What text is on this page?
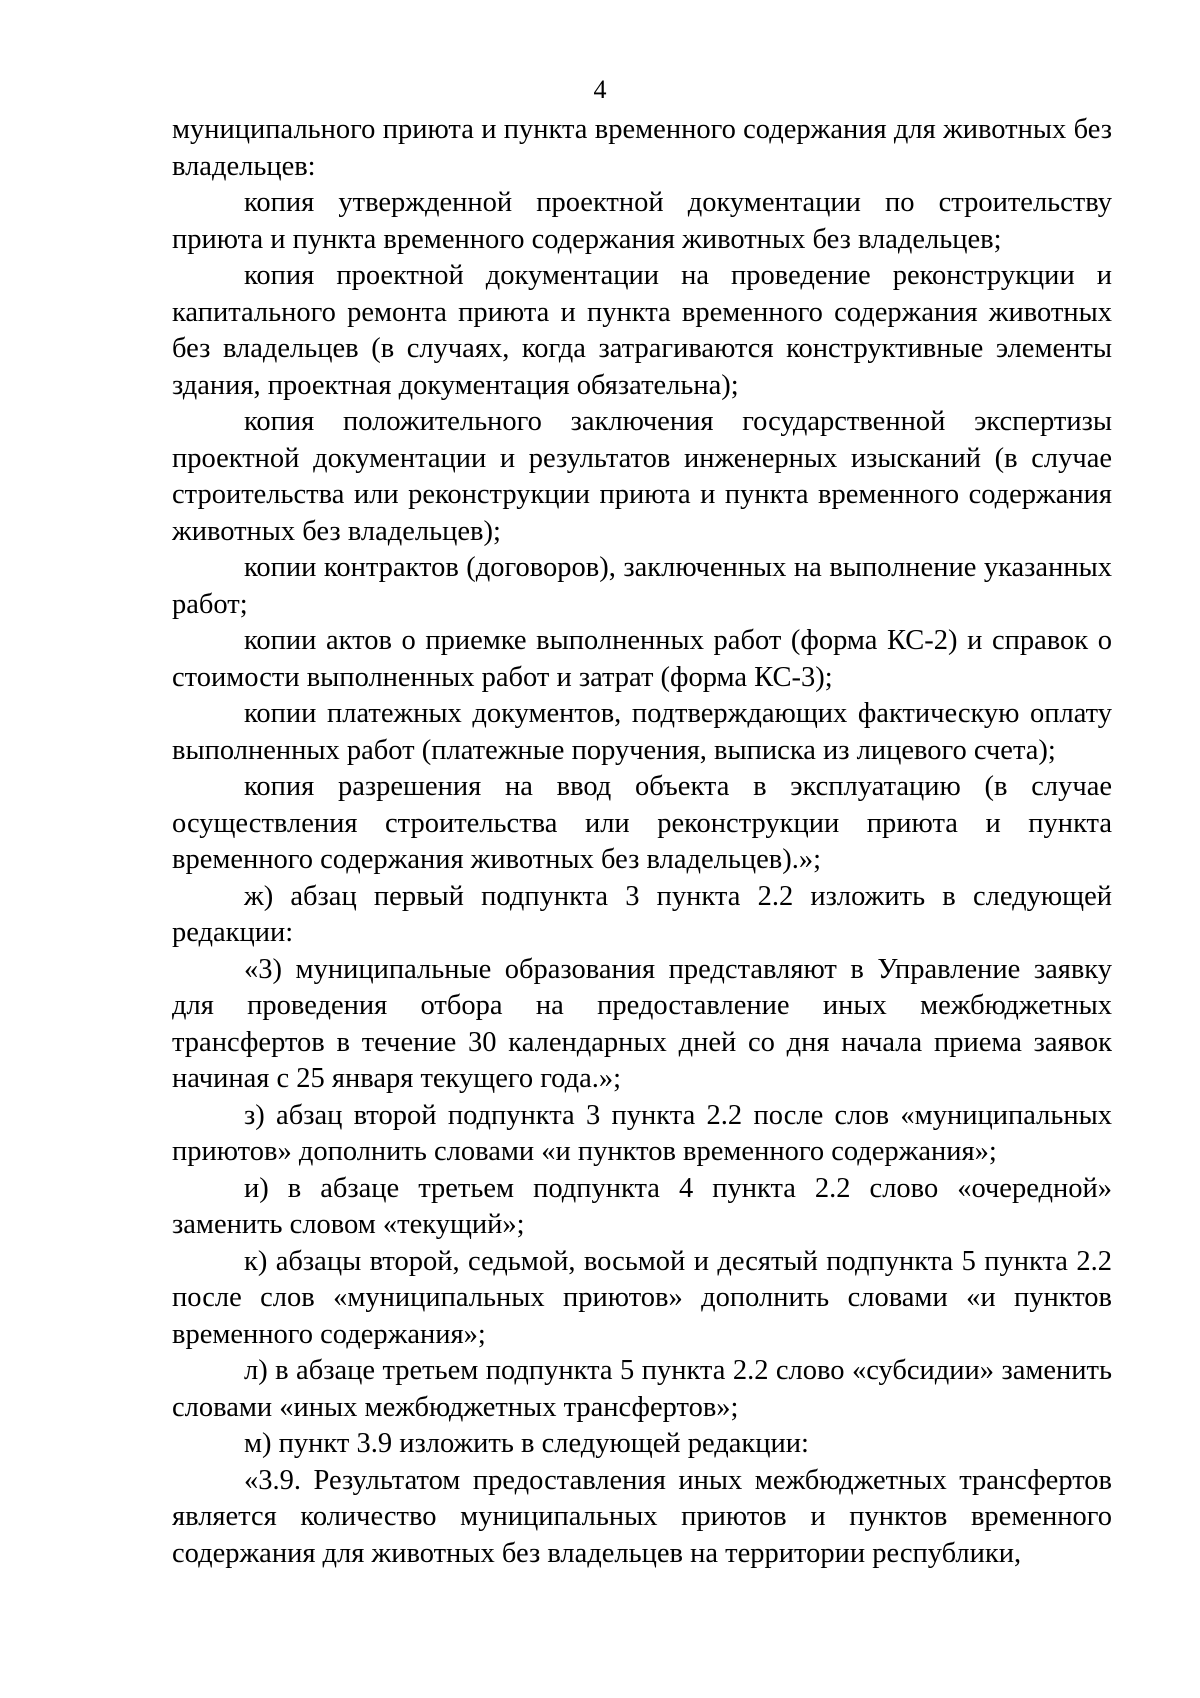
4

муниципального приюта и пункта временного содержания для животных без владельцев:

копия утвержденной проектной документации по строительству приюта и пункта временного содержания животных без владельцев;

копия проектной документации на проведение реконструкции и капитального ремонта приюта и пункта временного содержания животных без владельцев (в случаях, когда затрагиваются конструктивные элементы здания, проектная документация обязательна);

копия положительного заключения государственной экспертизы проектной документации и результатов инженерных изысканий (в случае строительства или реконструкции приюта и пункта временного содержания животных без владельцев);

копии контрактов (договоров), заключенных на выполнение указанных работ;

копии актов о приемке выполненных работ (форма КС-2) и справок о стоимости выполненных работ и затрат (форма КС-3);

копии платежных документов, подтверждающих фактическую оплату выполненных работ (платежные поручения, выписка из лицевого счета);

копия разрешения на ввод объекта в эксплуатацию (в случае осуществления строительства или реконструкции приюта и пункта временного содержания животных без владельцев).»;

ж) абзац первый подпункта 3 пункта 2.2 изложить в следующей редакции:

«3) муниципальные образования представляют в Управление заявку для проведения отбора на предоставление иных межбюджетных трансфертов в течение 30 календарных дней со дня начала приема заявок начиная с 25 января текущего года.»;

з) абзац второй подпункта 3 пункта 2.2 после слов «муниципальных приютов» дополнить словами «и пунктов временного содержания»;

и) в абзаце третьем подпункта 4 пункта 2.2 слово «очередной» заменить словом «текущий»;

к) абзацы второй, седьмой, восьмой и десятый подпункта 5 пункта 2.2 после слов «муниципальных приютов» дополнить словами «и пунктов временного содержания»;

л) в абзаце третьем подпункта 5 пункта 2.2 слово «субсидии» заменить словами «иных межбюджетных трансфертов»;

м) пункт 3.9 изложить в следующей редакции:

«3.9. Результатом предоставления иных межбюджетных трансфертов является количество муниципальных приютов и пунктов временного содержания для животных без владельцев на территории республики,
